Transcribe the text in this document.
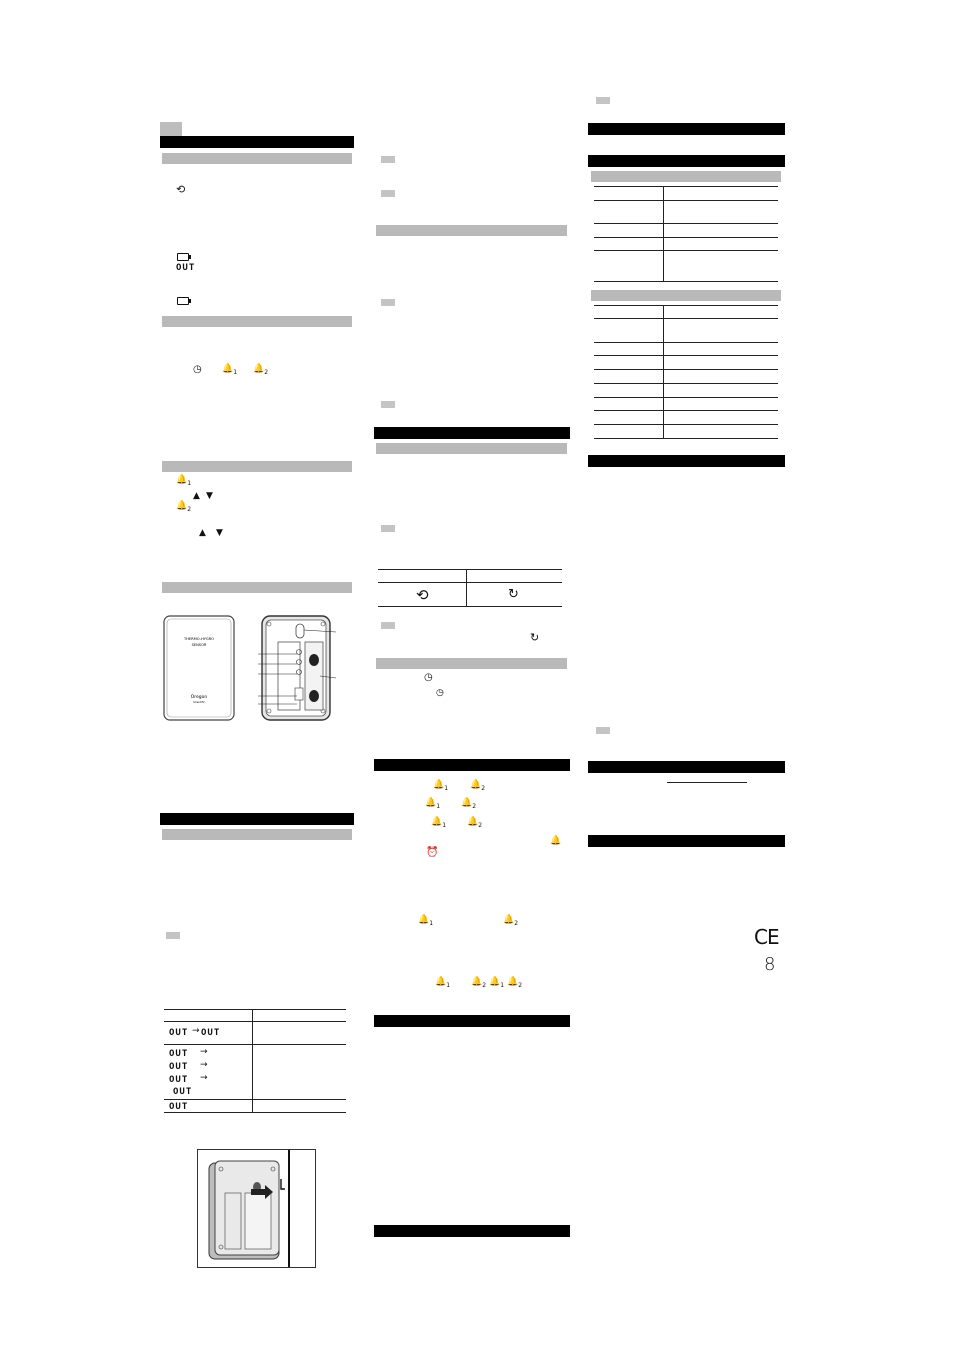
⟲
OUT
◷ $🔔_1$ $🔔_2$
$🔔_1$
▲ ▼
$🔔_2$
▲ ▼
THERMO-HYGRO
SENSOR
Oregon
Scientific
OUT → OUT
OUT →
OUT →
OUT →
OUT
OUT
⟲	↻
↻
◷
◷
$🔔_1$ $🔔_2$
$🔔_1$ $🔔_2$
$🔔_1$ $🔔_2$
🔔
⏰
$🔔_1$	$🔔_2$
$🔔_1$ $🔔_2$ $🔔_1$ $🔔_2$
CE
8
